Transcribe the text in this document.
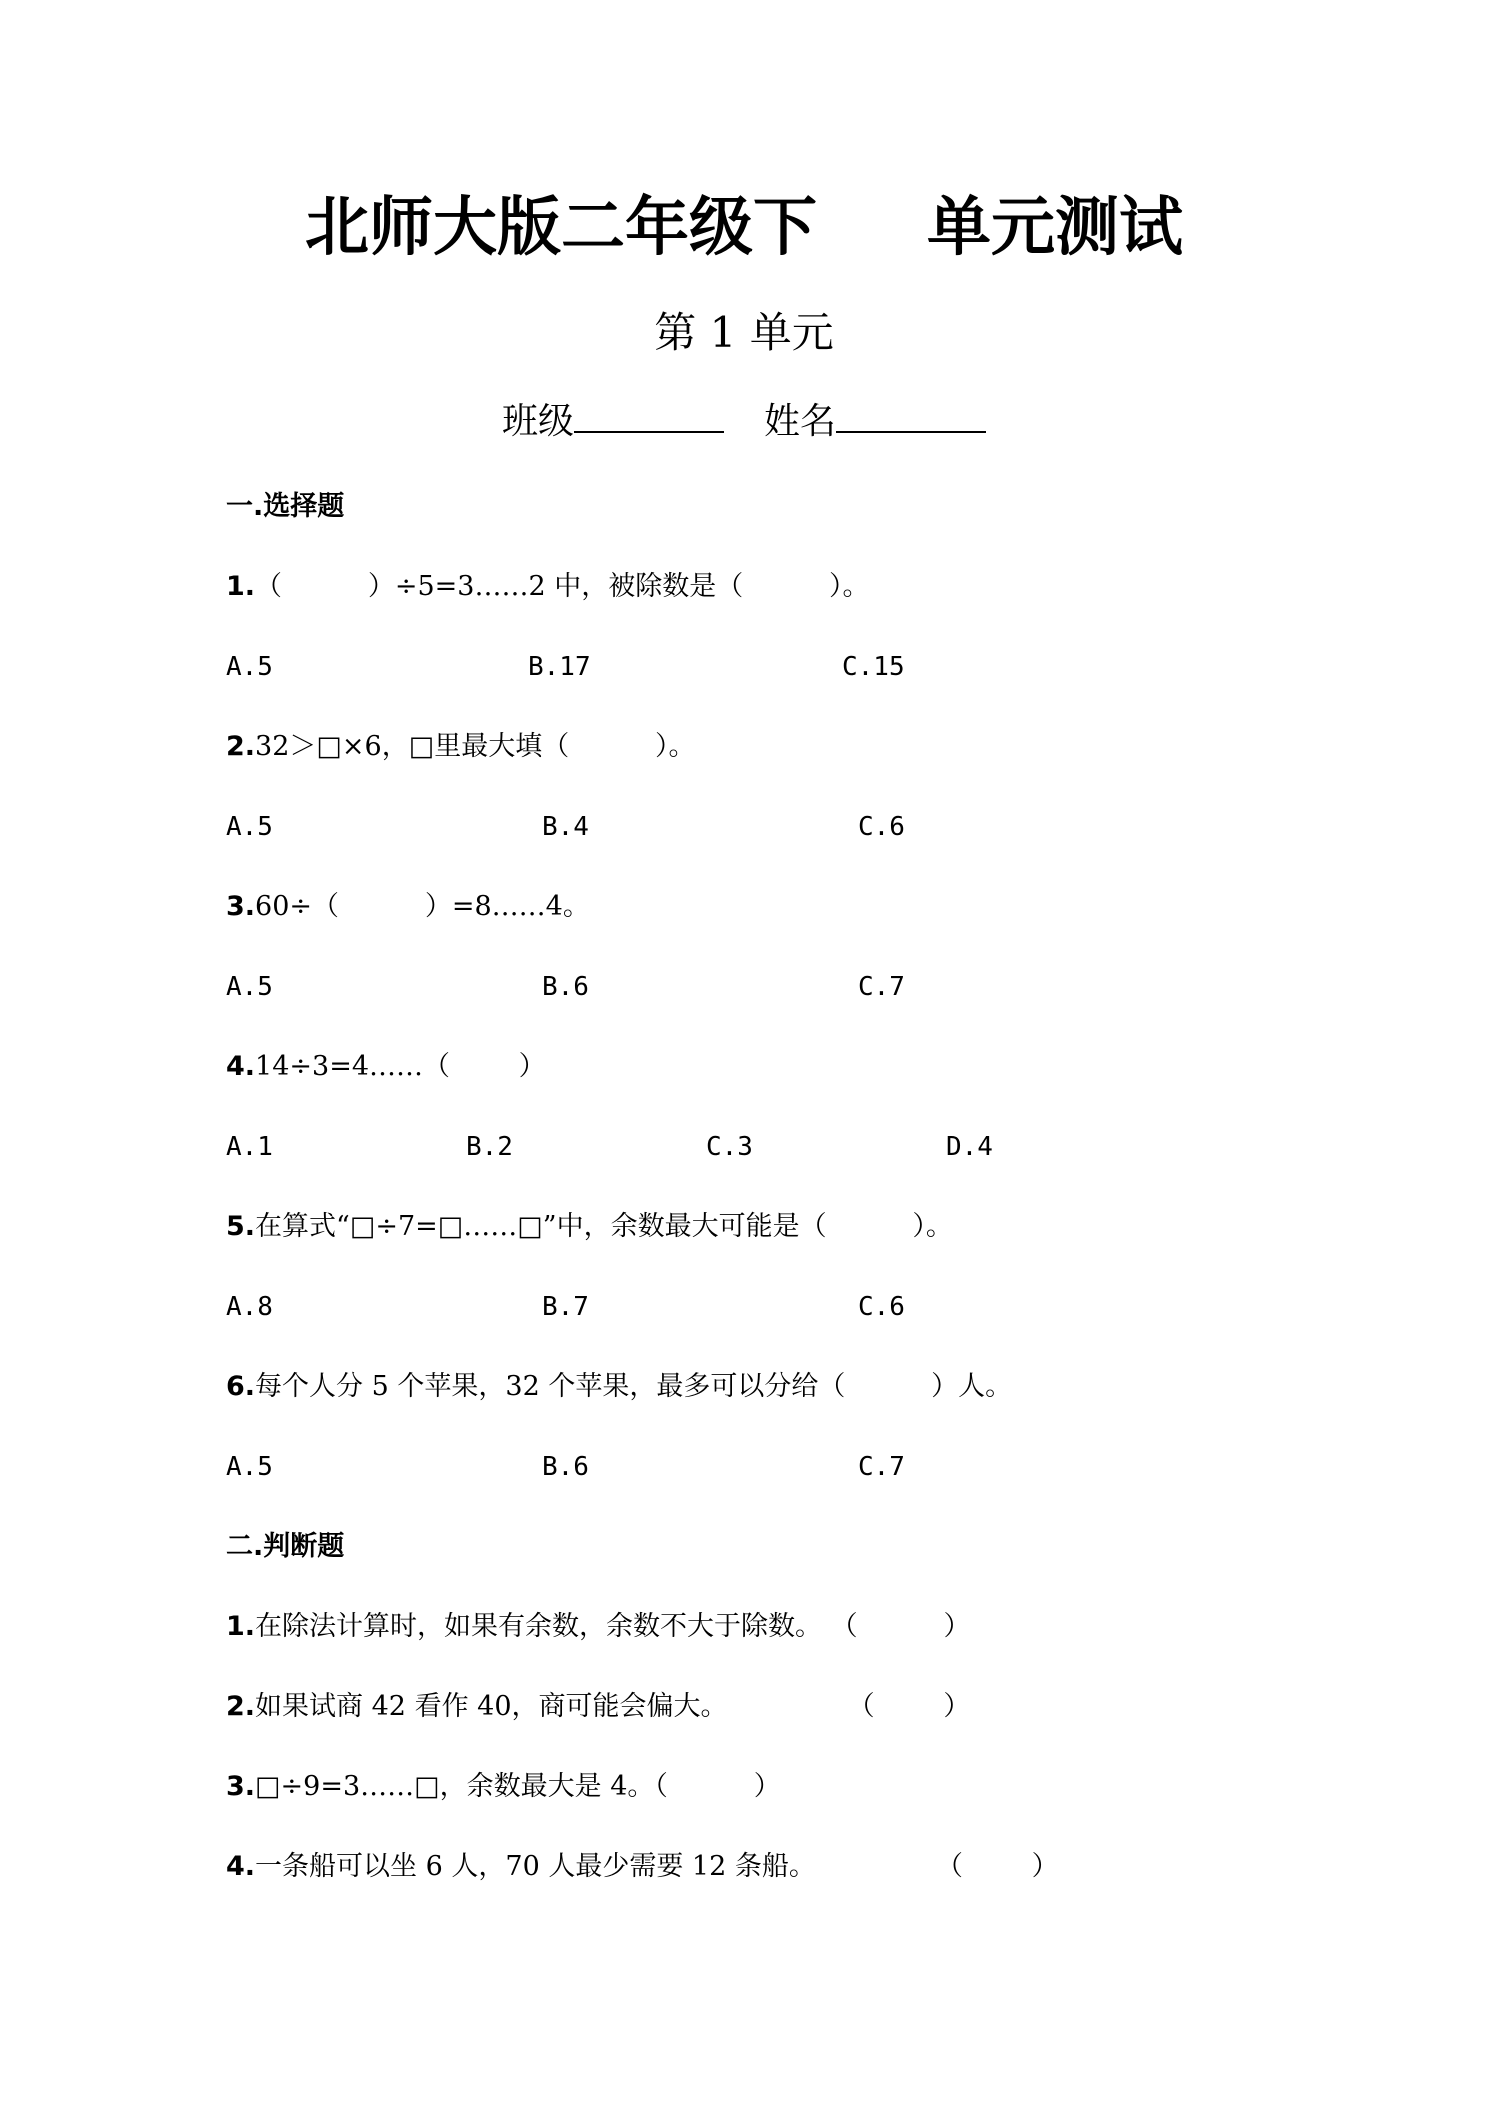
北师大版二年级下 单元测试
第 1 单元
班级	姓名
一.选择题
1.（          ）÷5=3……2 中，被除数是（          ）。
A.5	B.17	C.15
2.32＞□×6，□里最大填（          ）。
A.5	B.4	C.6
3.60÷（          ）=8……4。
A.5	B.6	C.7
4.14÷3=4……（        ）
A.1	B.2	C.3	D.4
5.在算式“□÷7=□……□”中，余数最大可能是（          ）。
A.8	B.7	C.6
6.每个人分 5 个苹果，32 个苹果，最多可以分给（          ）人。
A.5	B.6	C.7
二.判断题
1.在除法计算时，如果有余数，余数不大于除数。 （          ）
2.如果试商 42 看作 40，商可能会偏大。              （        ）
3.□÷9=3……□，余数最大是 4。（          ）
4.一条船可以坐 6 人，70 人最少需要 12 条船。              （        ）
